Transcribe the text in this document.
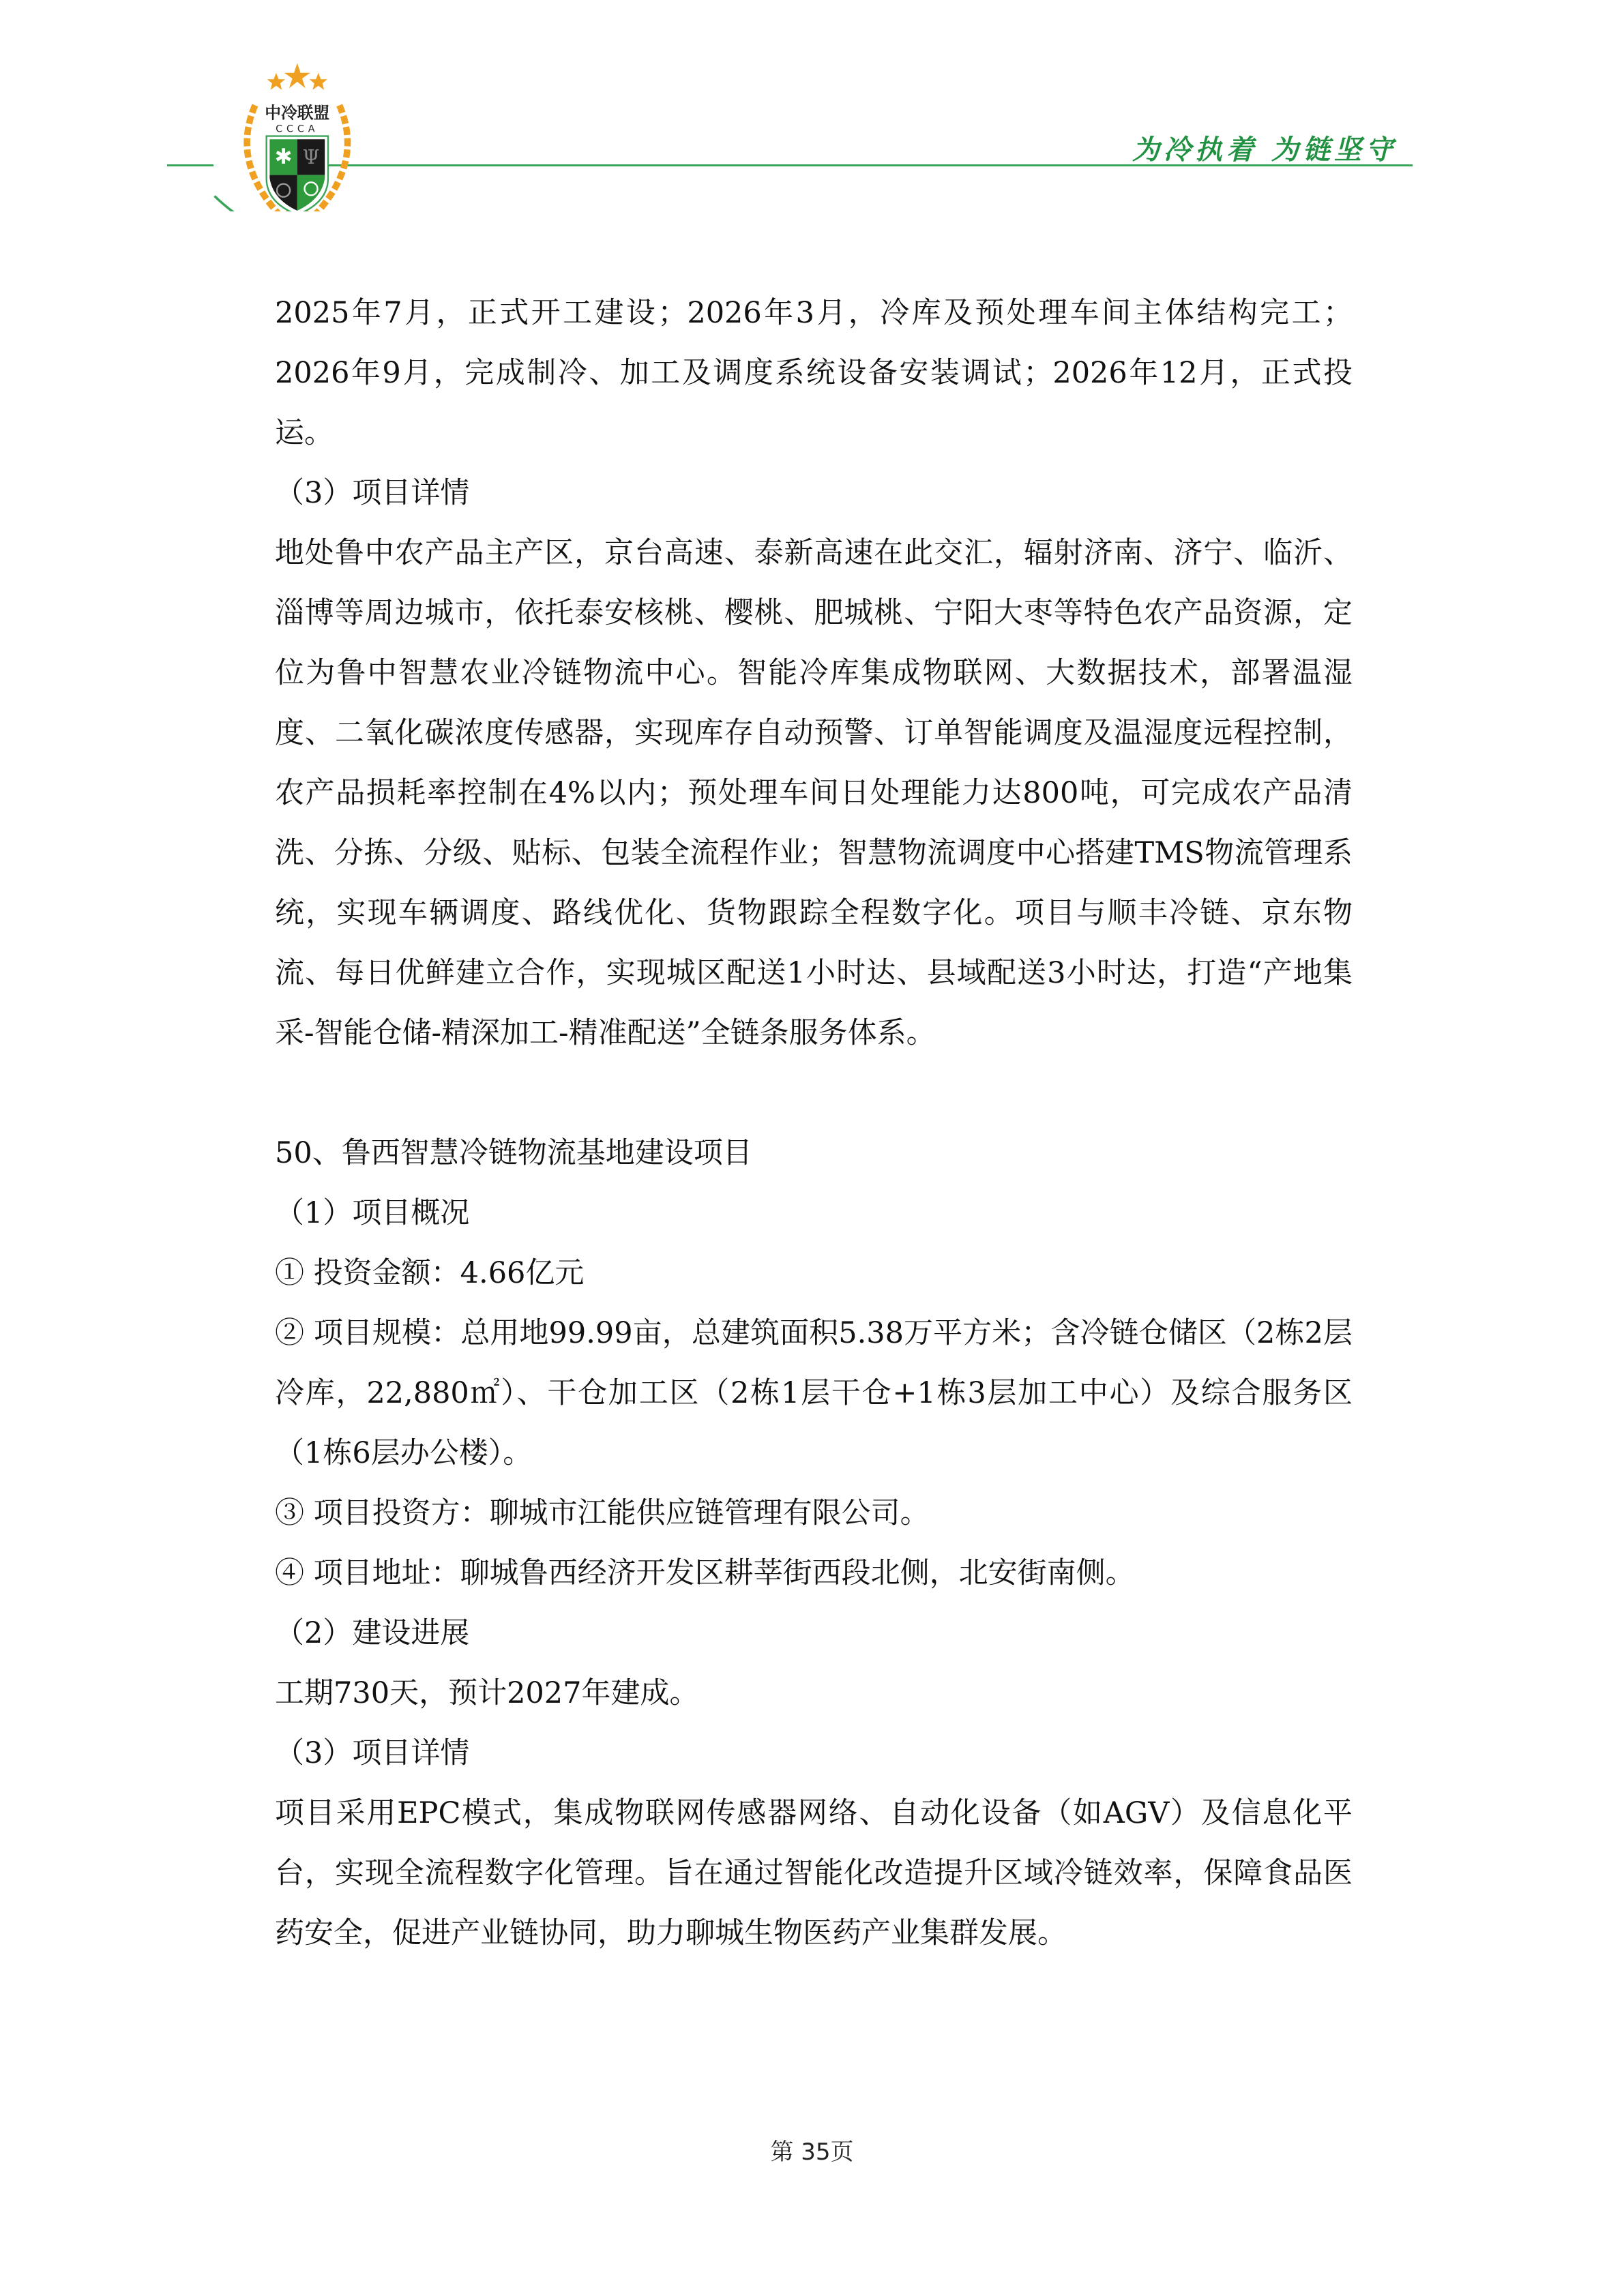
中冷联盟
CCCA
✱ Ψ	为冷执着 为链坚守

2025年7月，正式开工建设；2026年3月，冷库及预处理车间主体结构完工；2026年9月，完成制冷、加工及调度系统设备安装调试；2026年12月，正式投运。

（3）项目详情

地处鲁中农产品主产区，京台高速、泰新高速在此交汇，辐射济南、济宁、临沂、淄博等周边城市，依托泰安核桃、樱桃、肥城桃、宁阳大枣等特色农产品资源，定位为鲁中智慧农业冷链物流中心。智能冷库集成物联网、大数据技术，部署温湿度、二氧化碳浓度传感器，实现库存自动预警、订单智能调度及温湿度远程控制，农产品损耗率控制在4%以内；预处理车间日处理能力达800吨，可完成农产品清洗、分拣、分级、贴标、包装全流程作业；智慧物流调度中心搭建TMS物流管理系统，实现车辆调度、路线优化、货物跟踪全程数字化。项目与顺丰冷链、京东物流、每日优鲜建立合作，实现城区配送1小时达、县域配送3小时达，打造“产地集采-智能仓储-精深加工-精准配送”全链条服务体系。

50、鲁西智慧冷链物流基地建设项目

（1）项目概况

① 投资金额：4.66亿元

② 项目规模：总用地99.99亩，总建筑面积5.38万平方米；含冷链仓储区（2栋2层冷库，22,880㎡）、干仓加工区（2栋1层干仓+1栋3层加工中心）及综合服务区（1栋6层办公楼）。

③ 项目投资方：聊城市江能供应链管理有限公司。

④ 项目地址：聊城鲁西经济开发区耕莘街西段北侧，北安街南侧。

（2）建设进展

工期730天，预计2027年建成。

（3）项目详情

项目采用EPC模式，集成物联网传感器网络、自动化设备（如AGV）及信息化平台，实现全流程数字化管理。旨在通过智能化改造提升区域冷链效率，保障食品医药安全，促进产业链协同，助力聊城生物医药产业集群发展。

第 35页
